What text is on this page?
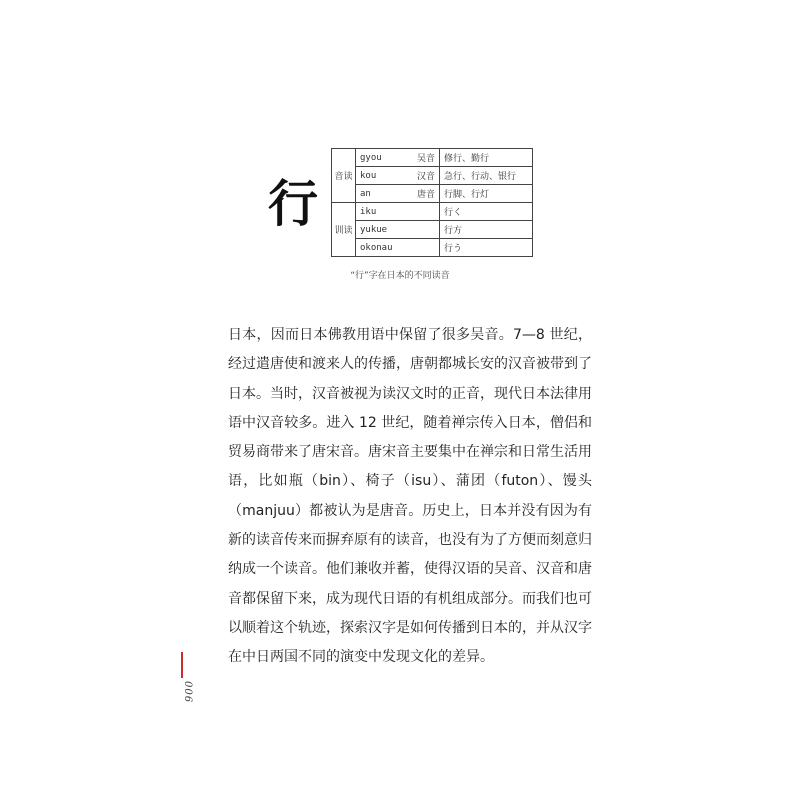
行	音读	gyou	吴音	修行、勤行
	kou	汉音	急行、行动、银行
	an	唐音	行脚、行灯
训读	iku		行く
	yukue		行方
	okonau		行う
“行”字在日本的不同读音

日本，因而日本佛教用语中保留了很多吴音。7—8 世纪，经过遣唐使和渡来人的传播，唐朝都城长安的汉音被带到了日本。当时，汉音被视为读汉文时的正音，现代日本法律用语中汉音较多。进入 12 世纪，随着禅宗传入日本，僧侣和贸易商带来了唐宋音。唐宋音主要集中在禅宗和日常生活用语，比如瓶（bin）、椅子（isu）、蒲团（futon）、馒头（manjuu）都被认为是唐音。历史上，日本并没有因为有新的读音传来而摒弃原有的读音，也没有为了方便而刻意归纳成一个读音。他们兼收并蓄，使得汉语的吴音、汉音和唐音都保留下来，成为现代日语的有机组成部分。而我们也可以顺着这个轨迹，探索汉字是如何传播到日本的，并从汉字在中日两国不同的演变中发现文化的差异。

006
